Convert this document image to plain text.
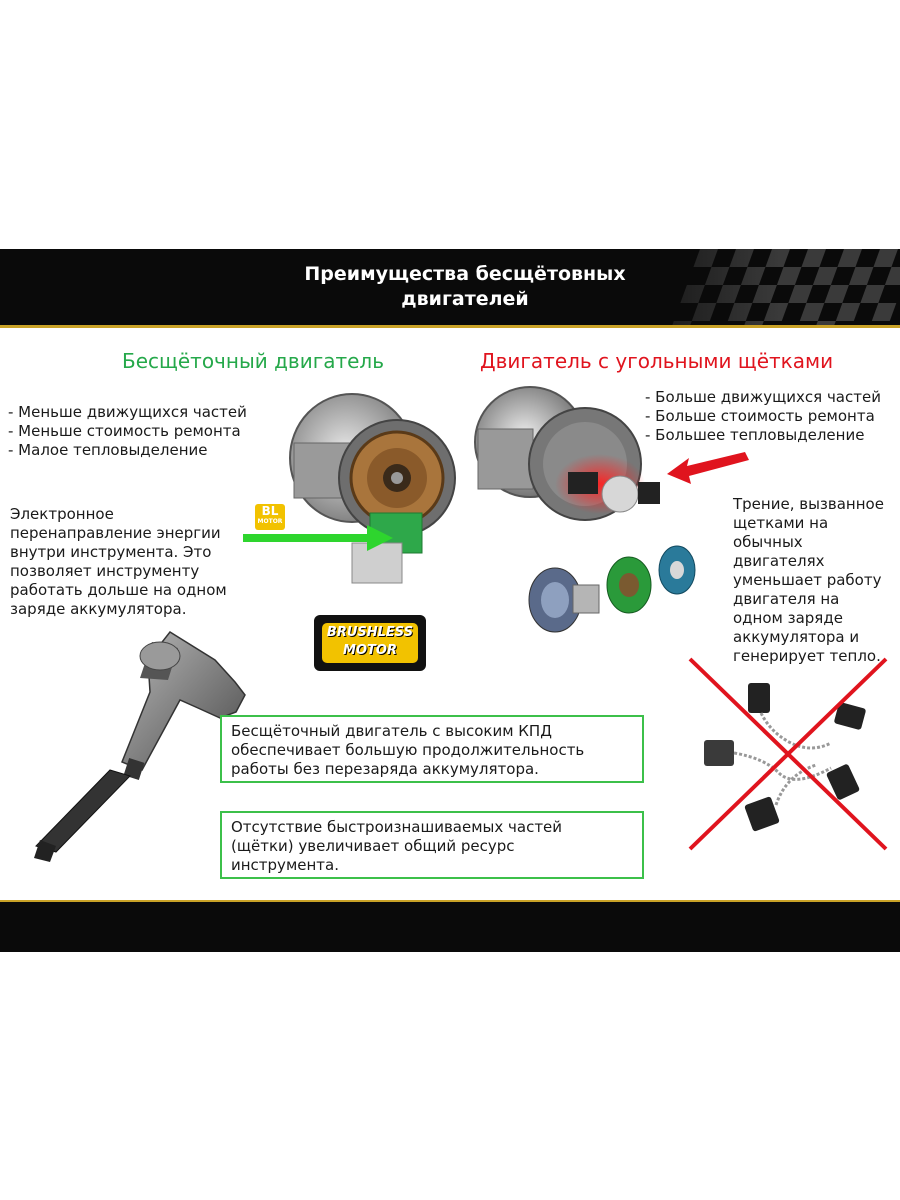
Преимущества бесщётовных
двигателей
Бесщёточный двигатель
- Меньше движущихся частей
- Меньше стоимость ремонта
- Малое тепловыделение
Электронное
перенаправление энергии
внутри инструмента. Это
позволяет инструменту
работать дольше на одном
заряде аккумулятора.
BL
MOTOR
BRUSHLESS
MOTOR
Двигатель с угольными щётками
- Больше движущихся частей
- Больше стоимость ремонта
- Большее тепловыделение
Трение, вызванное
щетками на
обычных
двигателях
уменьшает работу
двигателя на
одном заряде
аккумулятора и
генерирует тепло.
Бесщёточный двигатель с высоким КПД
обеспечивает большую продолжительность
работы без перезаряда аккумулятора.
Отсутствие быстроизнашиваемых частей
(щётки) увеличивает общий ресурс
инструмента.
